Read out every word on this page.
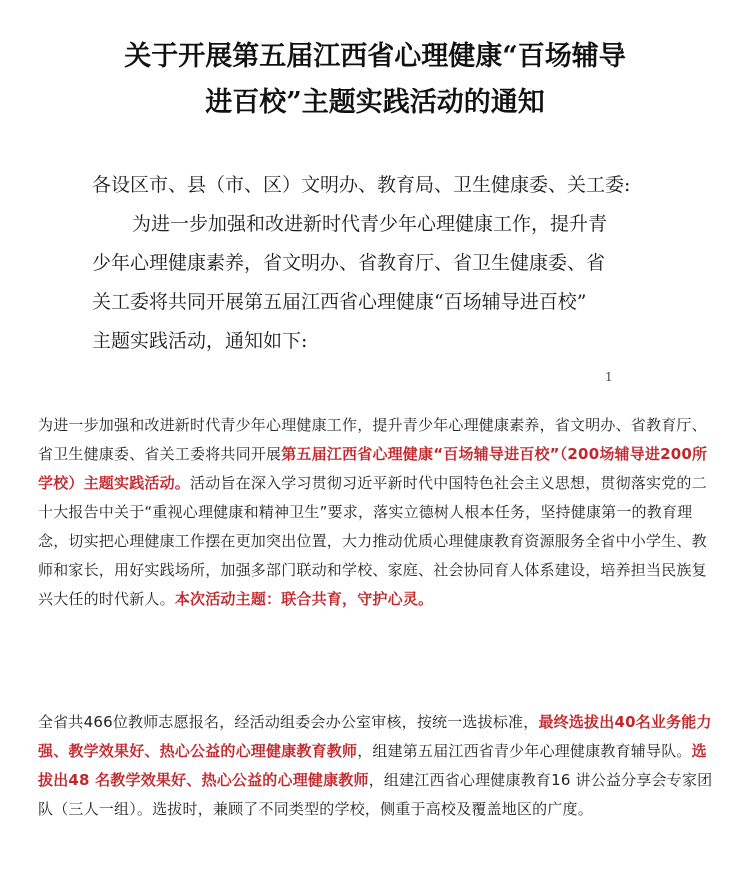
关于开展第五届江西省心理健康“百场辅导
进百校”主题实践活动的通知
各设区市、县（市、区）文明办、教育局、卫生健康委、关工委:
为进一步加强和改进新时代青少年心理健康工作，提升青
少年心理健康素养，省文明办、省教育厅、省卫生健康委、省
关工委将共同开展第五届江西省心理健康“百场辅导进百校”
主题实践活动，通知如下:
1
为进一步加强和改进新时代青少年心理健康工作，提升青少年心理健康素养，省文明办、省教育厅、省卫生健康委、省关工委将共同开展第五届江西省心理健康“百场辅导进百校”（200场辅导进200所学校）主题实践活动。活动旨在深入学习贯彻习近平新时代中国特色社会主义思想，贯彻落实党的二十大报告中关于“重视心理健康和精神卫生”要求，落实立德树人根本任务，坚持健康第一的教育理念，切实把心理健康工作摆在更加突出位置，大力推动优质心理健康教育资源服务全省中小学生、教师和家长，用好实践场所，加强多部门联动和学校、家庭、社会协同育人体系建设，培养担当民族复兴大任的时代新人。本次活动主题：联合共育，守护心灵。
全省共466位教师志愿报名，经活动组委会办公室审核，按统一选拔标准，最终选拔出40名业务能力强、教学效果好、热心公益的心理健康教育教师，组建第五届江西省青少年心理健康教育辅导队。选拔出48 名教学效果好、热心公益的心理健康教师，组建江西省心理健康教育16 讲公益分享会专家团队（三人一组）。选拔时，兼顾了不同类型的学校，侧重于高校及覆盖地区的广度。
